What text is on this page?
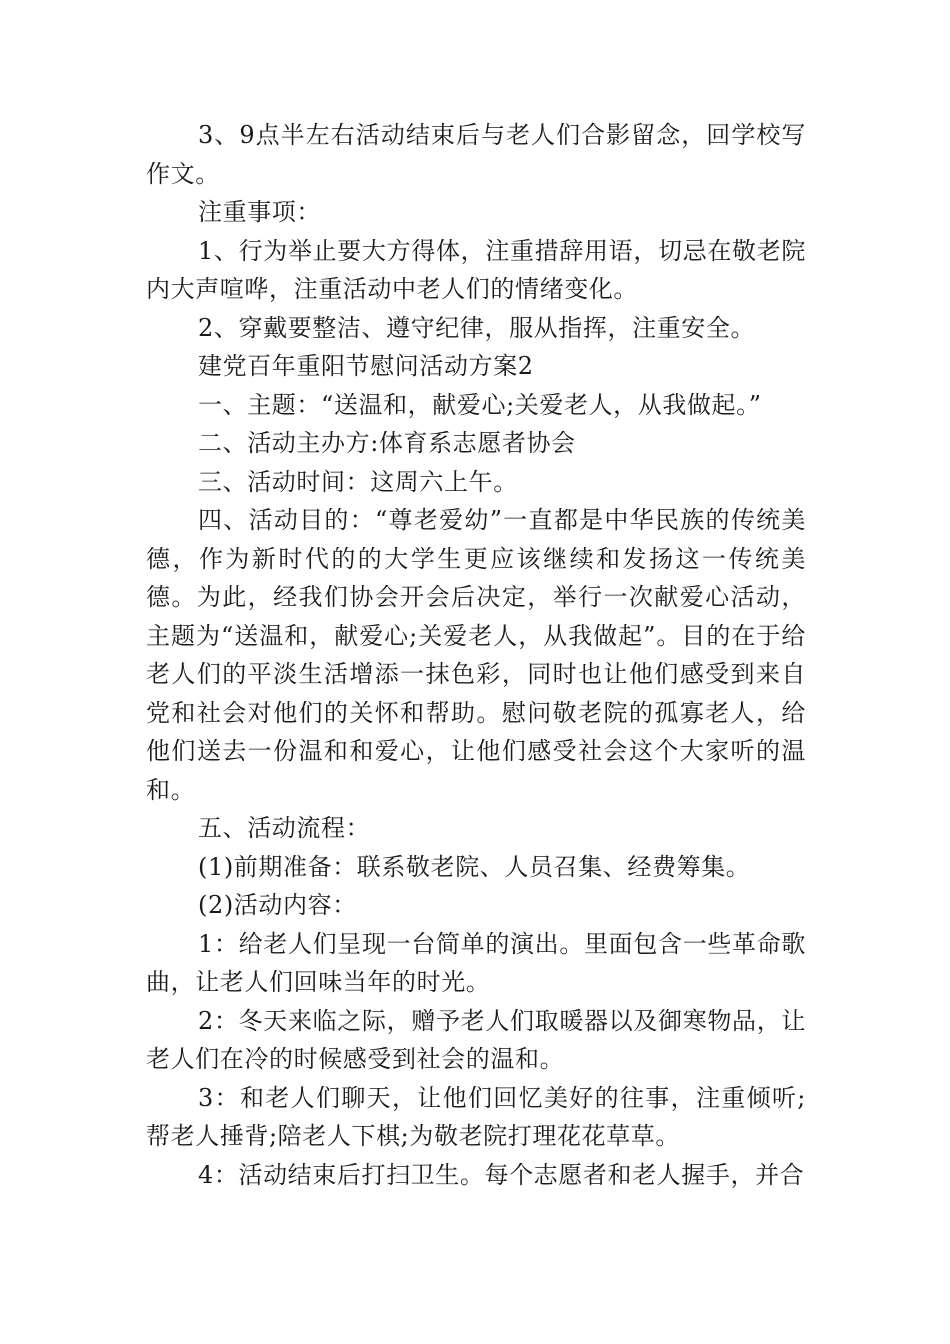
3、9点半左右活动结束后与老人们合影留念，回学校写作文。

注重事项：

1、行为举止要大方得体，注重措辞用语，切忌在敬老院内大声喧哗，注重活动中老人们的情绪变化。

2、穿戴要整洁、遵守纪律，服从指挥，注重安全。

建党百年重阳节慰问活动方案2

一、主题：“送温和，献爱心;关爱老人，从我做起。”

二、活动主办方:体育系志愿者协会

三、活动时间：这周六上午。

四、活动目的：“尊老爱幼”一直都是中华民族的传统美德，作为新时代的的大学生更应该继续和发扬这一传统美德。为此，经我们协会开会后决定，举行一次献爱心活动，主题为“送温和，献爱心;关爱老人，从我做起”。目的在于给老人们的平淡生活增添一抹色彩，同时也让他们感受到来自党和社会对他们的关怀和帮助。慰问敬老院的孤寡老人，给他们送去一份温和和爱心，让他们感受社会这个大家听的温和。

五、活动流程：

(1)前期准备：联系敬老院、人员召集、经费筹集。

(2)活动内容：

1：给老人们呈现一台简单的演出。里面包含一些革命歌曲，让老人们回味当年的时光。

2：冬天来临之际，赠予老人们取暖器以及御寒物品，让老人们在冷的时候感受到社会的温和。

3：和老人们聊天，让他们回忆美好的往事，注重倾听;帮老人捶背;陪老人下棋;为敬老院打理花花草草。

4：活动结束后打扫卫生。每个志愿者和老人握手，并合
